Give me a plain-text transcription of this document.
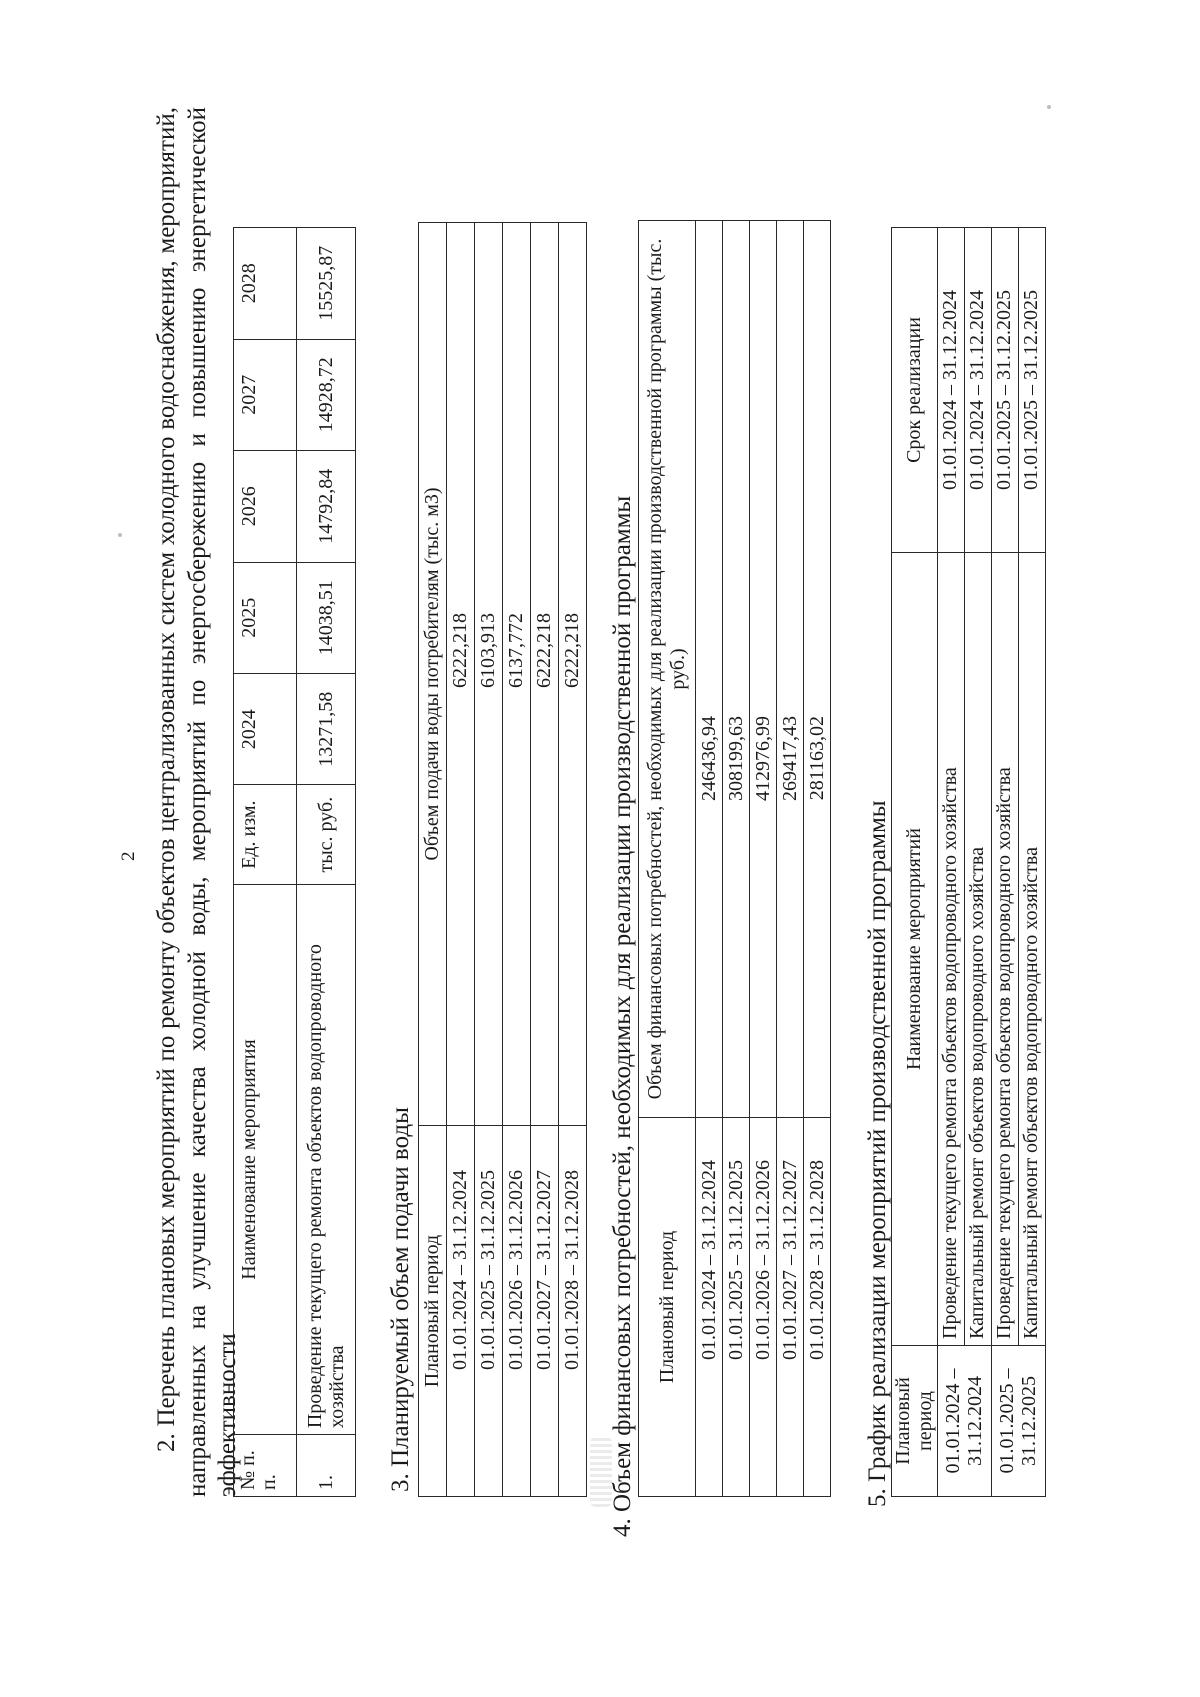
2 2. Перечень плановых мероприятий по ремонту объектов централизованных систем холодного водоснабжения, мероприятий, направленных на улучшение качества холодной воды, мероприятий по энергосбережению и повышению энергетической эффективности
№ п. п.	Наименование мероприятия	Ед. изм.	2024	2025	2026	2027	2028
1.	Проведение текущего ремонта объектов водопроводного хозяйства	тыс. руб.	13271,58	14038,51	14792,84	14928,72	15525,87
3. Планируемый объем подачи воды Плановый период	Объем подачи воды потребителям (тыс. м3)
01.01.2024 – 31.12.2024	6222,218
01.01.2025 – 31.12.2025	6103,913
01.01.2026 – 31.12.2026	6137,772
01.01.2027 – 31.12.2027	6222,218
01.01.2028 – 31.12.2028	6222,218 4. Объем финансовых потребностей, необходимых для реализации производственной программы Плановый период	Объем финансовых потребностей, необходимых для реализации производственной программы (тыс. руб.)
01.01.2024 – 31.12.2024	246436,94
01.01.2025 – 31.12.2025	308199,63
01.01.2026 – 31.12.2026	412976,99
01.01.2027 – 31.12.2027	269417,43
01.01.2028 – 31.12.2028	281163,02
5. График реализации мероприятий производственной программы Плановый период	Наименование мероприятий	Срок реализации
01.01.2024 – 31.12.2024	Проведение текущего ремонта объектов водопроводного хозяйства	01.01.2024 – 31.12.2024
	Капитальный ремонт объектов водопроводного хозяйства	01.01.2024 – 31.12.2024
01.01.2025 – 31.12.2025	Проведение текущего ремонта объектов водопроводного хозяйства	01.01.2025 – 31.12.2025
	Капитальный ремонт объектов водопроводного хозяйства	01.01.2025 – 31.12.2025
